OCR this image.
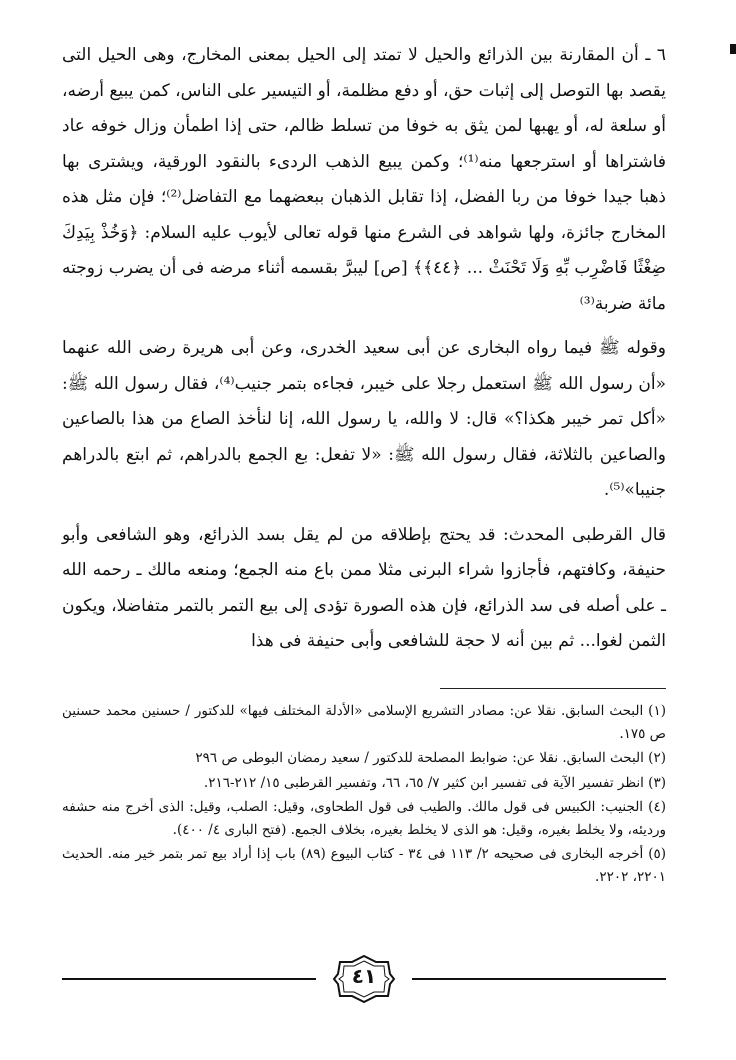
٦ ـ أن المقارنة بين الذرائع والحيل لا تمتد إلى الحيل بمعنى المخارج، وهى الحيل التى يقصد بها التوصل إلى إثبات حق، أو دفع مظلمة، أو التيسير على الناس، كمن يبيع أرضه، أو سلعة له، أو يهبها لمن يثق به خوفا من تسلط ظالم، حتى إذا اطمأن وزال خوفه عاد فاشتراها أو استرجعها منه⁽¹⁾؛ وكمن يبيع الذهب الردىء بالنقود الورقية، ويشترى بها ذهبا جيدا خوفا من ربا الفضل، إذا تقابل الذهبان ببعضهما مع التفاضل⁽²⁾؛ فإن مثل هذه المخارج جائزة، ولها شواهد فى الشرع منها قوله تعالى لأيوب عليه السلام: ﴿وَخُذْ بِيَدِكَ ضِغْثًا فَاضْرِب بِّهِ وَلَا تَحْنَثْ ... ﴿٤٤﴾﴾ [ص] ليبرَّ بقسمه أثناء مرضه فى أن يضرب زوجته مائة ضربة⁽³⁾

وقوله ﷺ فيما رواه البخارى عن أبى سعيد الخدرى، وعن أبى هريرة رضى الله عنهما «أن رسول الله ﷺ استعمل رجلا على خيبر، فجاءه بتمر جنيب⁽⁴⁾، فقال رسول الله ﷺ: «أكل تمر خيبر هكذا؟» قال: لا والله، يا رسول الله، إنا لنأخذ الصاع من هذا بالصاعين والصاعين بالثلاثة، فقال رسول الله ﷺ: «لا تفعل: بع الجمع بالدراهم، ثم ابتع بالدراهم جنيبا»⁽⁵⁾.

قال القرطبى المحدث: قد يحتج بإطلاقه من لم يقل بسد الذرائع، وهو الشافعى وأبو حنيفة، وكافتهم، فأجازوا شراء البرنى مثلا ممن باع منه الجمع؛ ومنعه مالك ـ رحمه الله ـ على أصله فى سد الذرائع، فإن هذه الصورة تؤدى إلى بيع التمر بالتمر متفاضلا، ويكون الثمن لغوا... ثم بين أنه لا حجة للشافعى وأبى حنيفة فى هذا

(١) البحث السابق. نقلا عن: مصادر التشريع الإسلامى «الأدلة المختلف فيها» للدكتور / حسنين محمد حسنين ص ١٧٥.

(٢) البحث السابق. نقلا عن: ضوابط المصلحة للدكتور / سعيد رمضان البوطى ص ٢٩٦

(٣) انظر تفسير الآية فى تفسير ابن كثير ٧/ ٦٥، ٦٦، وتفسير القرطبى ١٥/ ٢١٢-٢١٦.

(٤) الجنيب: الكبيس فى قول مالك. والطيب فى قول الطحاوى، وقيل: الصلب، وقيل: الذى أخرج منه حشفه ورديئه، ولا يخلط بغيره، وقيل: هو الذى لا يخلط بغيره، بخلاف الجمع. (فتح البارى ٤/ ٤٠٠).

(٥) أخرجه البخارى فى صحيحه ٢/ ١١٣ فى ٣٤ - كتاب البيوع (٨٩) باب إذا أراد بيع تمر بتمر خير منه. الحديث ٢٢٠١، ٢٢٠٢.

٤١
